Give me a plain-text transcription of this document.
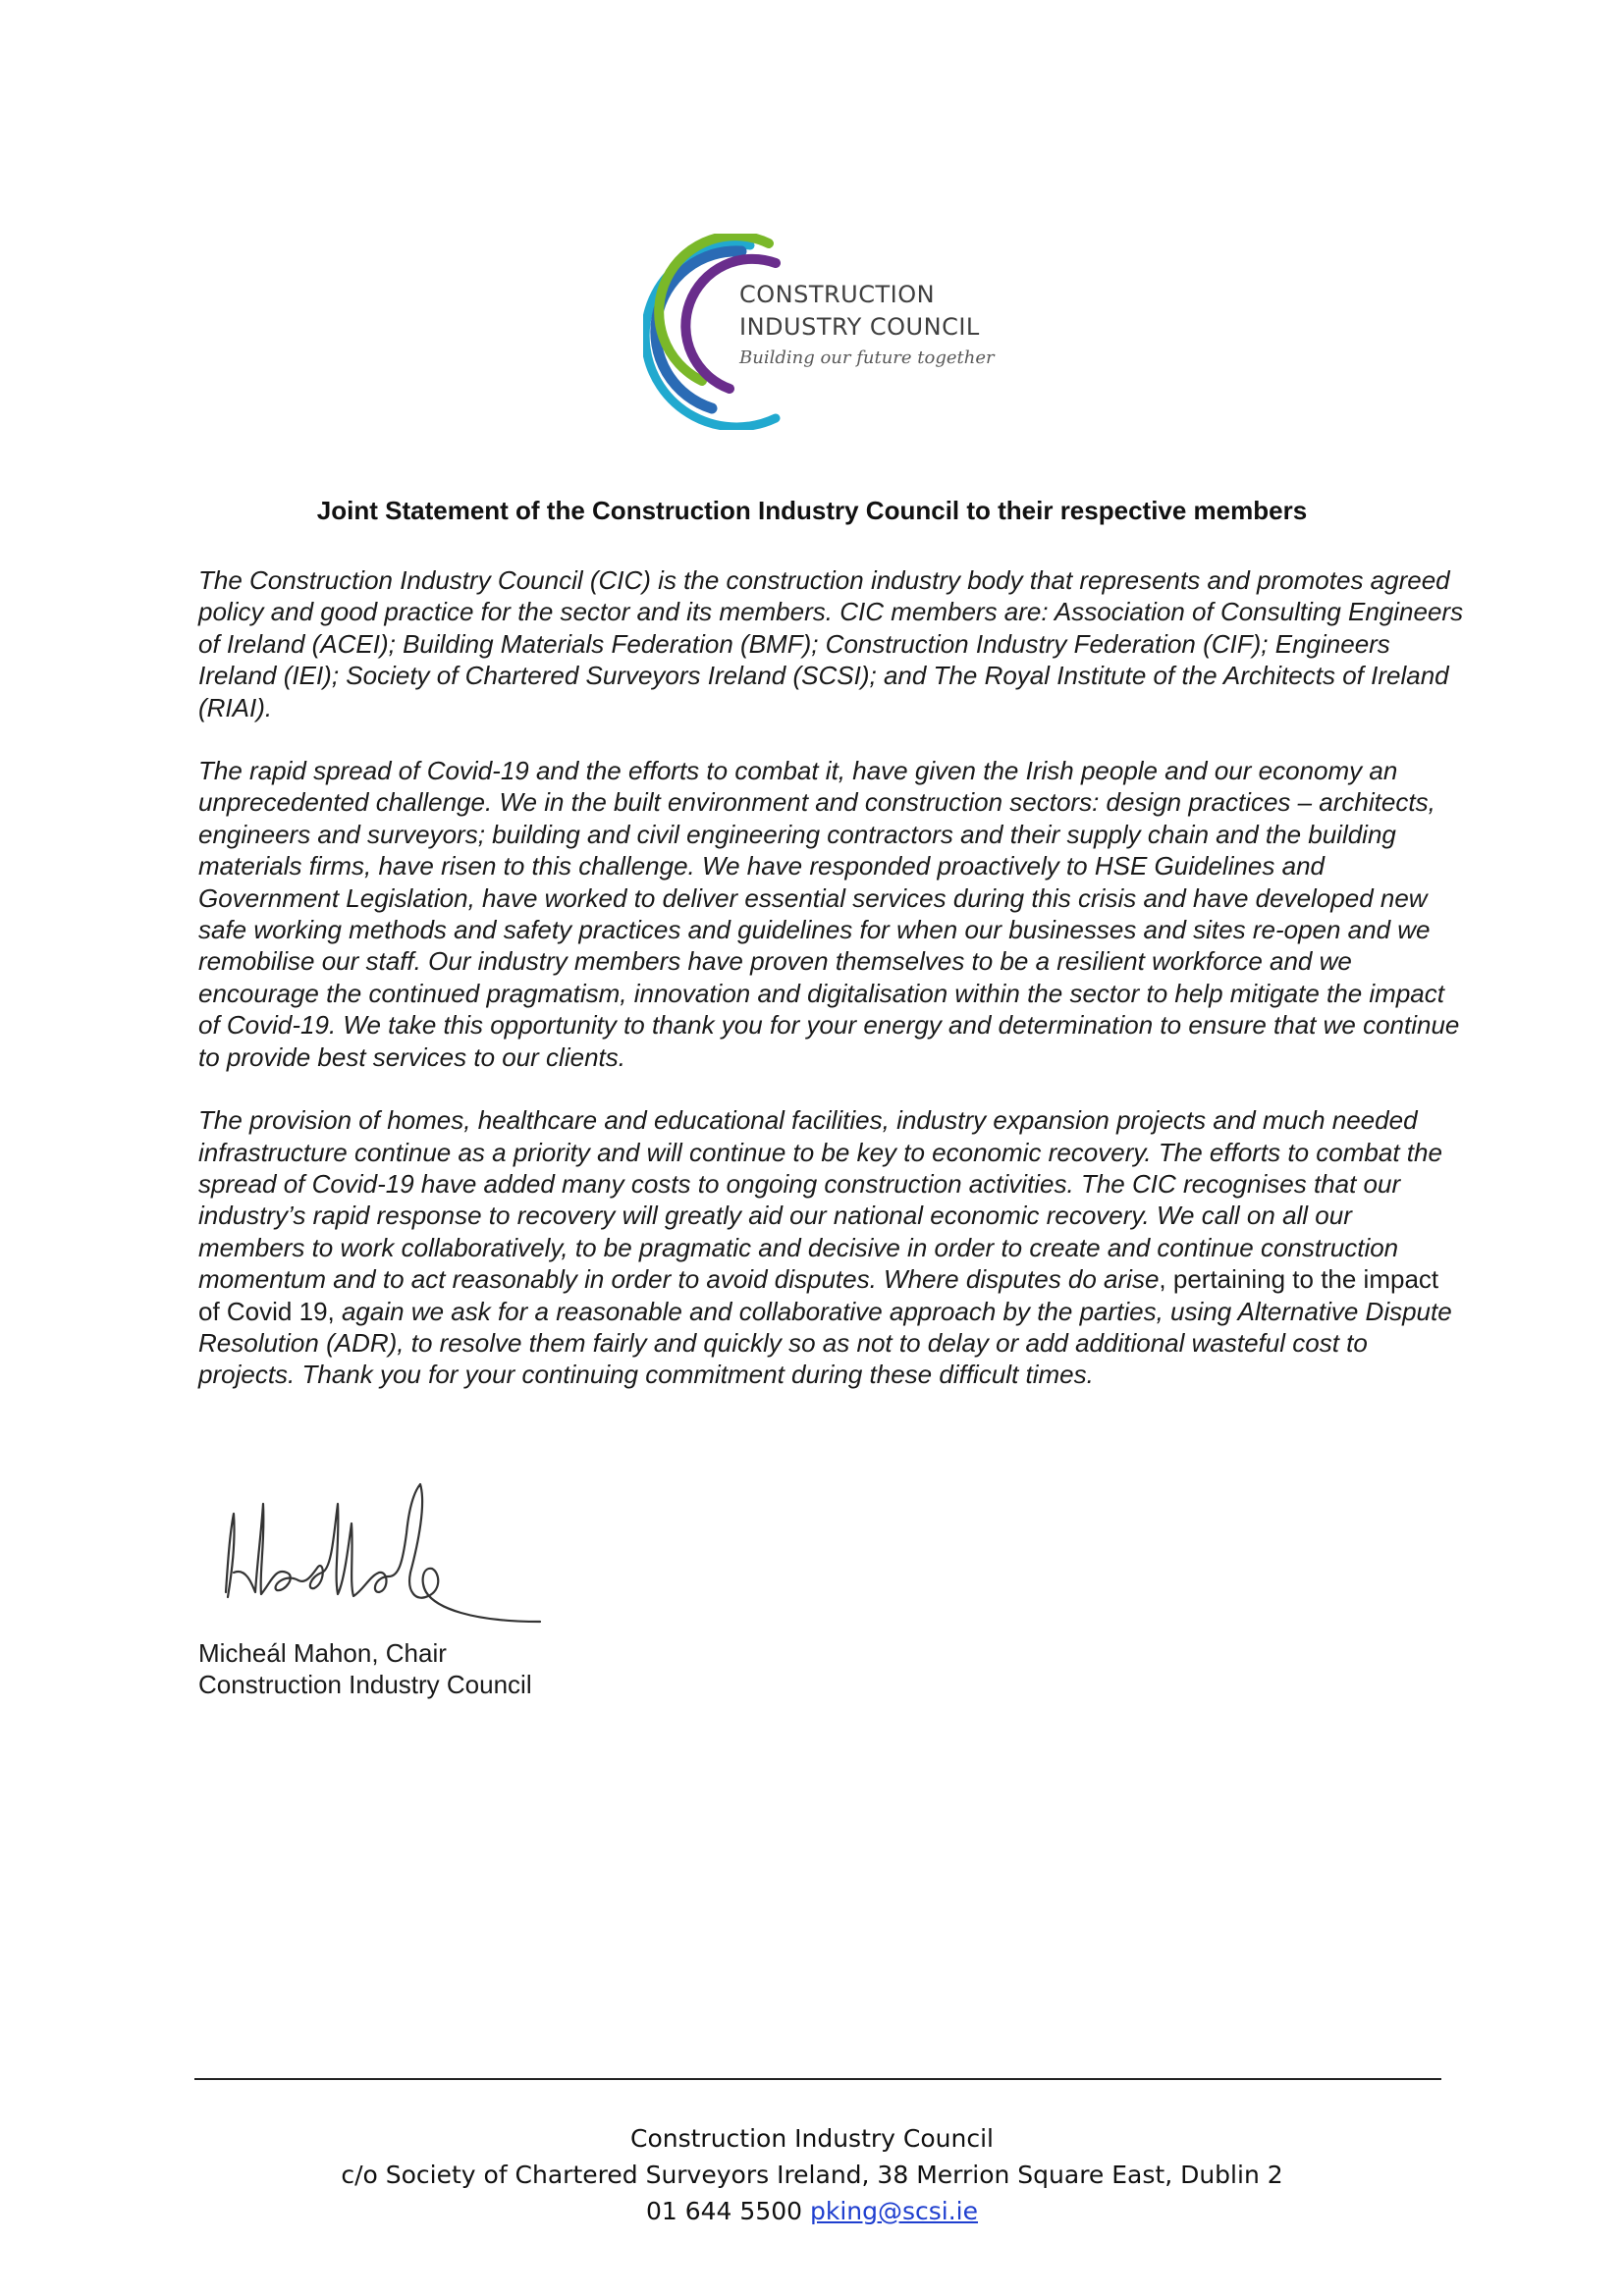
CONSTRUCTION
INDUSTRY COUNCIL
Building our future together
Joint Statement of the Construction Industry Council to their respective members

The Construction Industry Council (CIC) is the construction industry body that represents and promotes agreed policy and good practice for the sector and its members. CIC members are: Association of Consulting Engineers of Ireland (ACEI); Building Materials Federation (BMF); Construction Industry Federation (CIF); Engineers Ireland (IEI); Society of Chartered Surveyors Ireland (SCSI); and The Royal Institute of the Architects of Ireland (RIAI).

The rapid spread of Covid-19 and the efforts to combat it, have given the Irish people and our economy an unprecedented challenge. We in the built environment and construction sectors: design practices – architects, engineers and surveyors; building and civil engineering contractors and their supply chain and the building materials firms, have risen to this challenge. We have responded proactively to HSE Guidelines and Government Legislation, have worked to deliver essential services during this crisis and have developed new safe working methods and safety practices and guidelines for when our businesses and sites re-open and we remobilise our staff. Our industry members have proven themselves to be a resilient workforce and we encourage the continued pragmatism, innovation and digitalisation within the sector to help mitigate the impact of Covid-19. We take this opportunity to thank you for your energy and determination to ensure that we continue to provide best services to our clients.

The provision of homes, healthcare and educational facilities, industry expansion projects and much needed infrastructure continue as a priority and will continue to be key to economic recovery. The efforts to combat the spread of Covid-19 have added many costs to ongoing construction activities. The CIC recognises that our industry’s rapid response to recovery will greatly aid our national economic recovery. We call on all our members to work collaboratively, to be pragmatic and decisive in order to create and continue construction momentum and to act reasonably in order to avoid disputes. Where disputes do arise, pertaining to the impact of Covid 19, again we ask for a reasonable and collaborative approach by the parties, using Alternative Dispute Resolution (ADR), to resolve them fairly and quickly so as not to delay or add additional wasteful cost to projects. Thank you for your continuing commitment during these difficult times.

Micheál Mahon, Chair
Construction Industry Council
Construction Industry Council
c/o Society of Chartered Surveyors Ireland, 38 Merrion Square East, Dublin 2
01 644 5500 pking@scsi.ie
